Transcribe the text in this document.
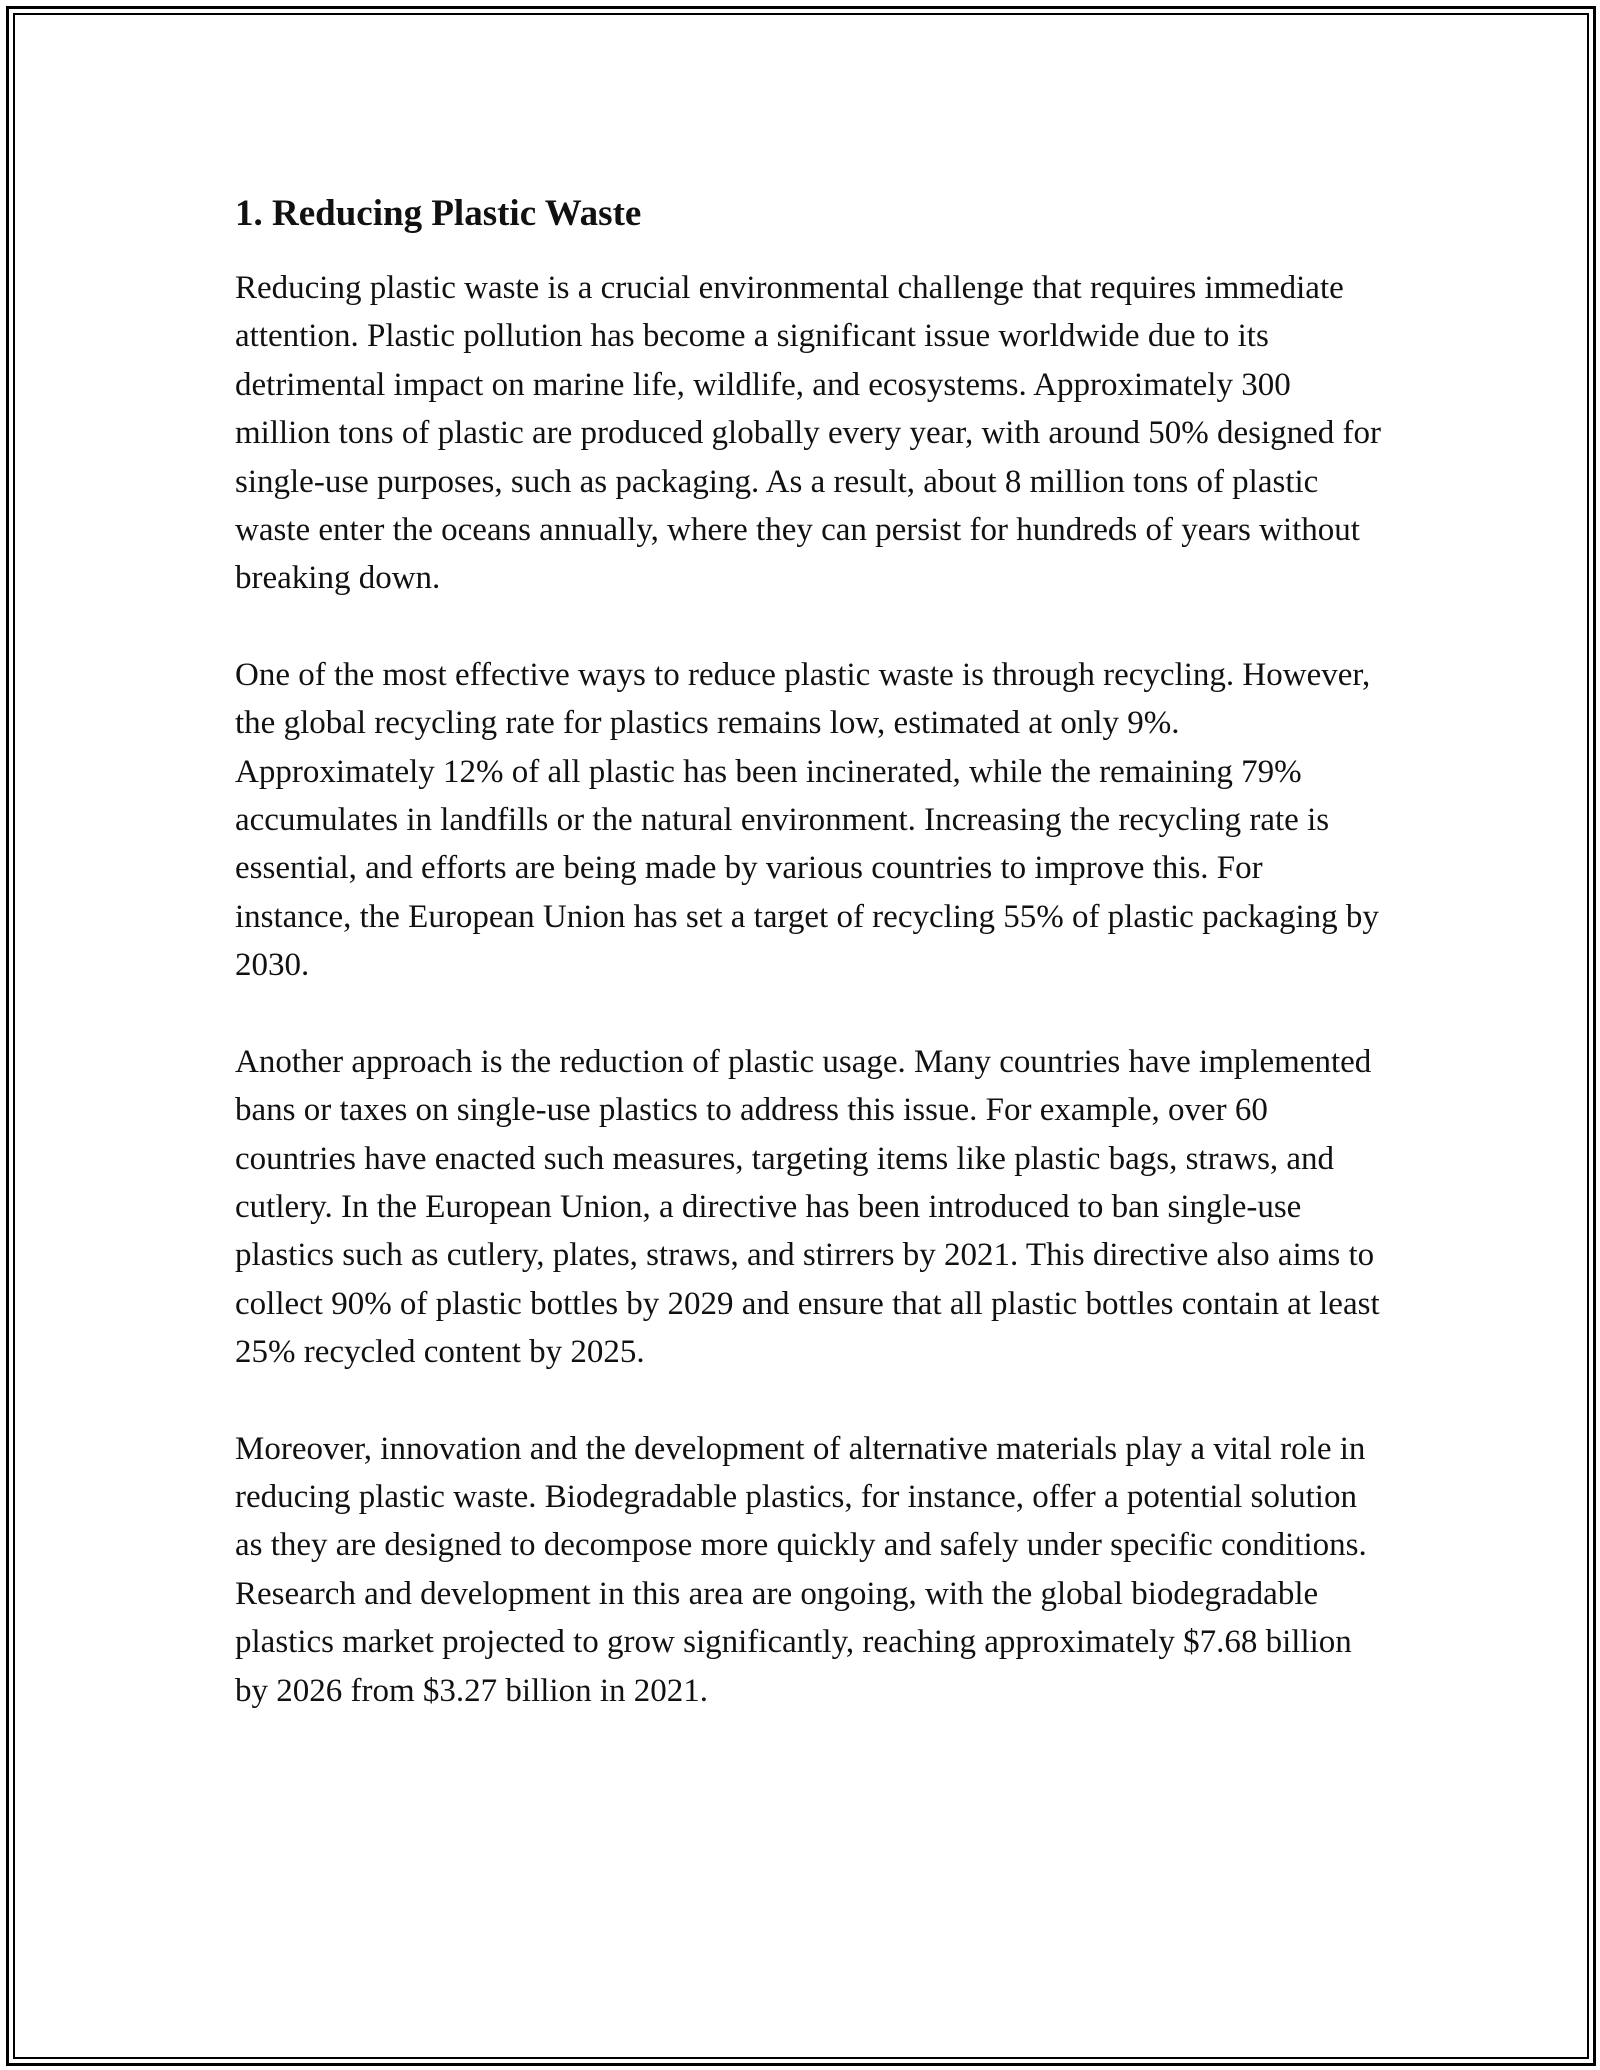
1. Reducing Plastic Waste

Reducing plastic waste is a crucial environmental challenge that requires immediate attention. Plastic pollution has become a significant issue worldwide due to its detrimental impact on marine life, wildlife, and ecosystems. Approximately 300 million tons of plastic are produced globally every year, with around 50% designed for single-use purposes, such as packaging. As a result, about 8 million tons of plastic waste enter the oceans annually, where they can persist for hundreds of years without breaking down.

One of the most effective ways to reduce plastic waste is through recycling. However, the global recycling rate for plastics remains low, estimated at only 9%. Approximately 12% of all plastic has been incinerated, while the remaining 79% accumulates in landfills or the natural environment. Increasing the recycling rate is essential, and efforts are being made by various countries to improve this. For instance, the European Union has set a target of recycling 55% of plastic packaging by 2030.

Another approach is the reduction of plastic usage. Many countries have implemented bans or taxes on single-use plastics to address this issue. For example, over 60 countries have enacted such measures, targeting items like plastic bags, straws, and cutlery. In the European Union, a directive has been introduced to ban single-use plastics such as cutlery, plates, straws, and stirrers by 2021. This directive also aims to collect 90% of plastic bottles by 2029 and ensure that all plastic bottles contain at least 25% recycled content by 2025.

Moreover, innovation and the development of alternative materials play a vital role in reducing plastic waste. Biodegradable plastics, for instance, offer a potential solution as they are designed to decompose more quickly and safely under specific conditions. Research and development in this area are ongoing, with the global biodegradable plastics market projected to grow significantly, reaching approximately $7.68 billion by 2026 from $3.27 billion in 2021.
